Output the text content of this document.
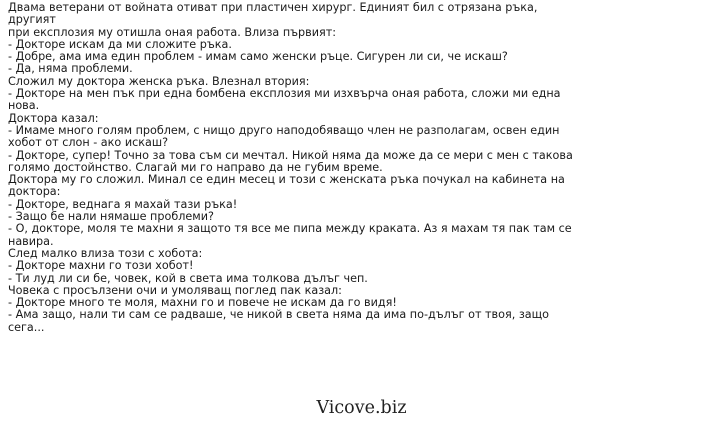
Двама ветерани от войната отиват при пластичен хирург. Единият бил с отрязана ръка, другият
при експлозия му отишла оная работа. Влиза първият:
- Докторе искам да ми сложите ръка.
- Добре, ама има един проблем - имам само женски ръце. Сигурен ли си, че искаш?
- Да, няма проблеми.
Сложил му доктора женска ръка. Влезнал втория:
- Докторе на мен пък при една бомбена експлозия ми изхвърча оная работа, сложи ми една
нова.
Доктора казал:
- Имаме много голям проблем, с нищо друго наподобяващо член не разполагам, освен един
хобот от слон - ако искаш?
- Докторе, супер! Точно за това съм си мечтал. Никой няма да може да се мери с мен с такова
голямо достойнство. Слагай ми го направо да не губим време.
Доктора му го сложил. Минал се един месец и този с женската ръка почукал на кабинета на
доктора:
- Докторе, веднага я махай тази ръка!
- Защо бе нали нямаше проблеми?
- О, докторе, моля те махни я защото тя все ме пипа между краката. Аз я махам тя пак там се
навира.
След малко влиза този с хобота:
- Докторе махни го този хобот!
- Ти луд ли си бе, човек, кой в света има толкова дълъг чеп.
Човека с просълзени очи и умоляващ поглед пак казал:
- Докторе много те моля, махни го и повече не искам да го видя!
- Ама защо, нали ти сам се радваше, че никой в света няма да има по-дълъг от твоя, защо сега...
Vicove.biz
